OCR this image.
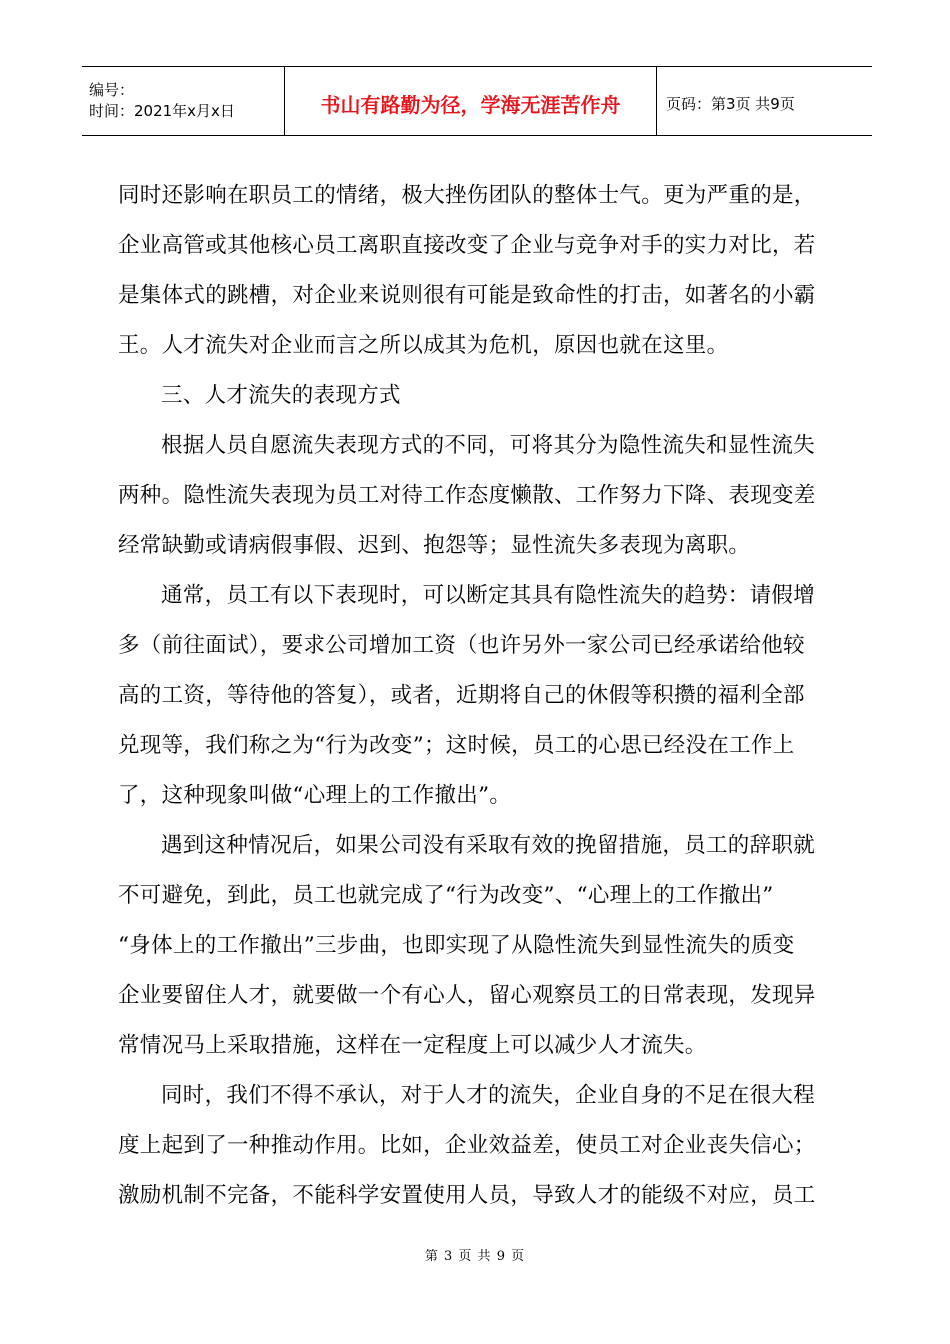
编号：
时间：2021年x月x日	书山有路勤为径，学海无涯苦作舟	页码：第3页 共9页
同时还影响在职员工的情绪，极大挫伤团队的整体士气。更为严重的是，
企业高管或其他核心员工离职直接改变了企业与竞争对手的实力对比，若
是集体式的跳槽，对企业来说则很有可能是致命性的打击，如著名的小霸
王。人才流失对企业而言之所以成其为危机，原因也就在这里。
三、人才流失的表现方式
根据人员自愿流失表现方式的不同，可将其分为隐性流失和显性流失
两种。隐性流失表现为员工对待工作态度懒散、工作努力下降、表现变差
经常缺勤或请病假事假、迟到、抱怨等；显性流失多表现为离职。
通常，员工有以下表现时，可以断定其具有隐性流失的趋势：请假增
多（前往面试），要求公司增加工资（也许另外一家公司已经承诺给他较
高的工资，等待他的答复），或者，近期将自己的休假等积攒的福利全部
兑现等，我们称之为“行为改变”；这时候，员工的心思已经没在工作上
了，这种现象叫做“心理上的工作撤出”。
遇到这种情况后，如果公司没有采取有效的挽留措施，员工的辞职就
不可避免，到此，员工也就完成了“行为改变”、“心理上的工作撤出”
“身体上的工作撤出”三步曲，也即实现了从隐性流失到显性流失的质变
企业要留住人才，就要做一个有心人，留心观察员工的日常表现，发现异
常情况马上采取措施，这样在一定程度上可以减少人才流失。
同时，我们不得不承认，对于人才的流失，企业自身的不足在很大程
度上起到了一种推动作用。比如，企业效益差，使员工对企业丧失信心；
激励机制不完备，不能科学安置使用人员，导致人才的能级不对应，员工
第 3 页 共 9 页
